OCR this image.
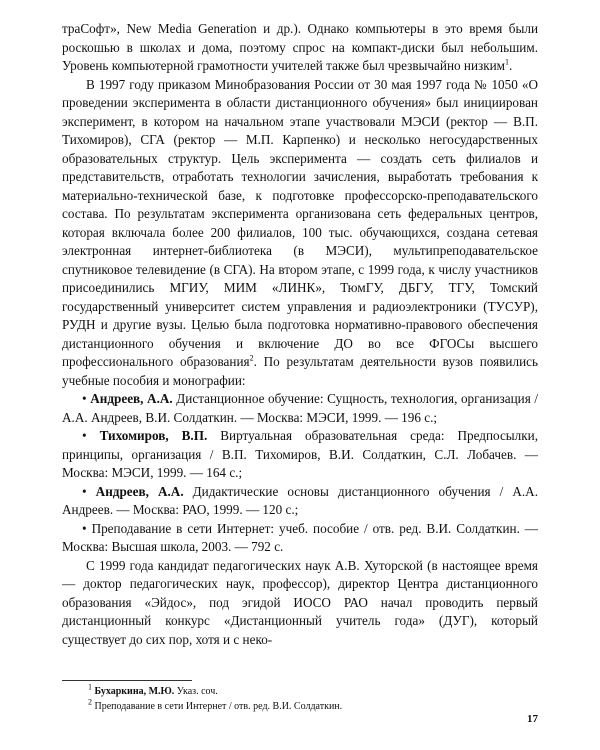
траСофт», New Media Generation и др.). Однако компьютеры в это время были роскошью в школах и дома, поэтому спрос на компакт-диски был небольшим. Уровень компьютерной грамотности учителей также был чрезвычайно низким$^1$.

В 1997 году приказом Минобразования России от 30 мая 1997 года № 1050 «О проведении эксперимента в области дистанционного обучения» был инициирован эксперимент, в котором на начальном этапе участвовали МЭСИ (ректор — В.П. Тихомиров), СГА (ректор — М.П. Карпенко) и несколько негосударственных образовательных структур. Цель эксперимента — создать сеть филиалов и представительств, отработать технологии зачисления, выработать требования к материально-технической базе, к подготовке профессорско-преподавательского состава. По результатам эксперимента организована сеть федеральных центров, которая включала более 200 филиалов, 100 тыс. обучающихся, создана сетевая электронная интернет-библиотека (в МЭСИ), мультипреподавательское спутниковое телевидение (в СГА). На втором этапе, с 1999 года, к числу участников присоединились МГИУ, МИМ «ЛИНК», ТюмГУ, ДБГУ, ТГУ, Томский государственный университет систем управления и радиоэлектроники (ТУСУР), РУДН и другие вузы. Целью была подготовка нормативно-правового обеспечения дистанционного обучения и включение ДО во все ФГОСы высшего профессионального образования$^2$. По результатам деятельности вузов появились учебные пособия и монографии:

• Андреев, А.А. Дистанционное обучение: Сущность, технология, организация / А.А. Андреев, В.И. Солдаткин. — Москва: МЭСИ, 1999. — 196 с.;

• Тихомиров, В.П. Виртуальная образовательная среда: Предпосылки, принципы, организация / В.П. Тихомиров, В.И. Солдаткин, С.Л. Лобачев. — Москва: МЭСИ, 1999. — 164 с.;

• Андреев, А.А. Дидактические основы дистанционного обучения / А.А. Андреев. — Москва: РАО, 1999. — 120 с.;

• Преподавание в сети Интернет: учеб. пособие / отв. ред. В.И. Солдаткин. — Москва: Высшая школа, 2003. — 792 с.

С 1999 года кандидат педагогических наук А.В. Хуторской (в настоящее время — доктор педагогических наук, профессор), директор Центра дистанционного образования «Эйдос», под эгидой ИОСО РАО начал проводить первый дистанционный конкурс «Дистанционный учитель года» (ДУГ), который существует до сих пор, хотя и с неко-

$^1$ Бухаркина, М.Ю. Указ. соч.

$^2$ Преподавание в сети Интернет / отв. ред. В.И. Солдаткин.

17
